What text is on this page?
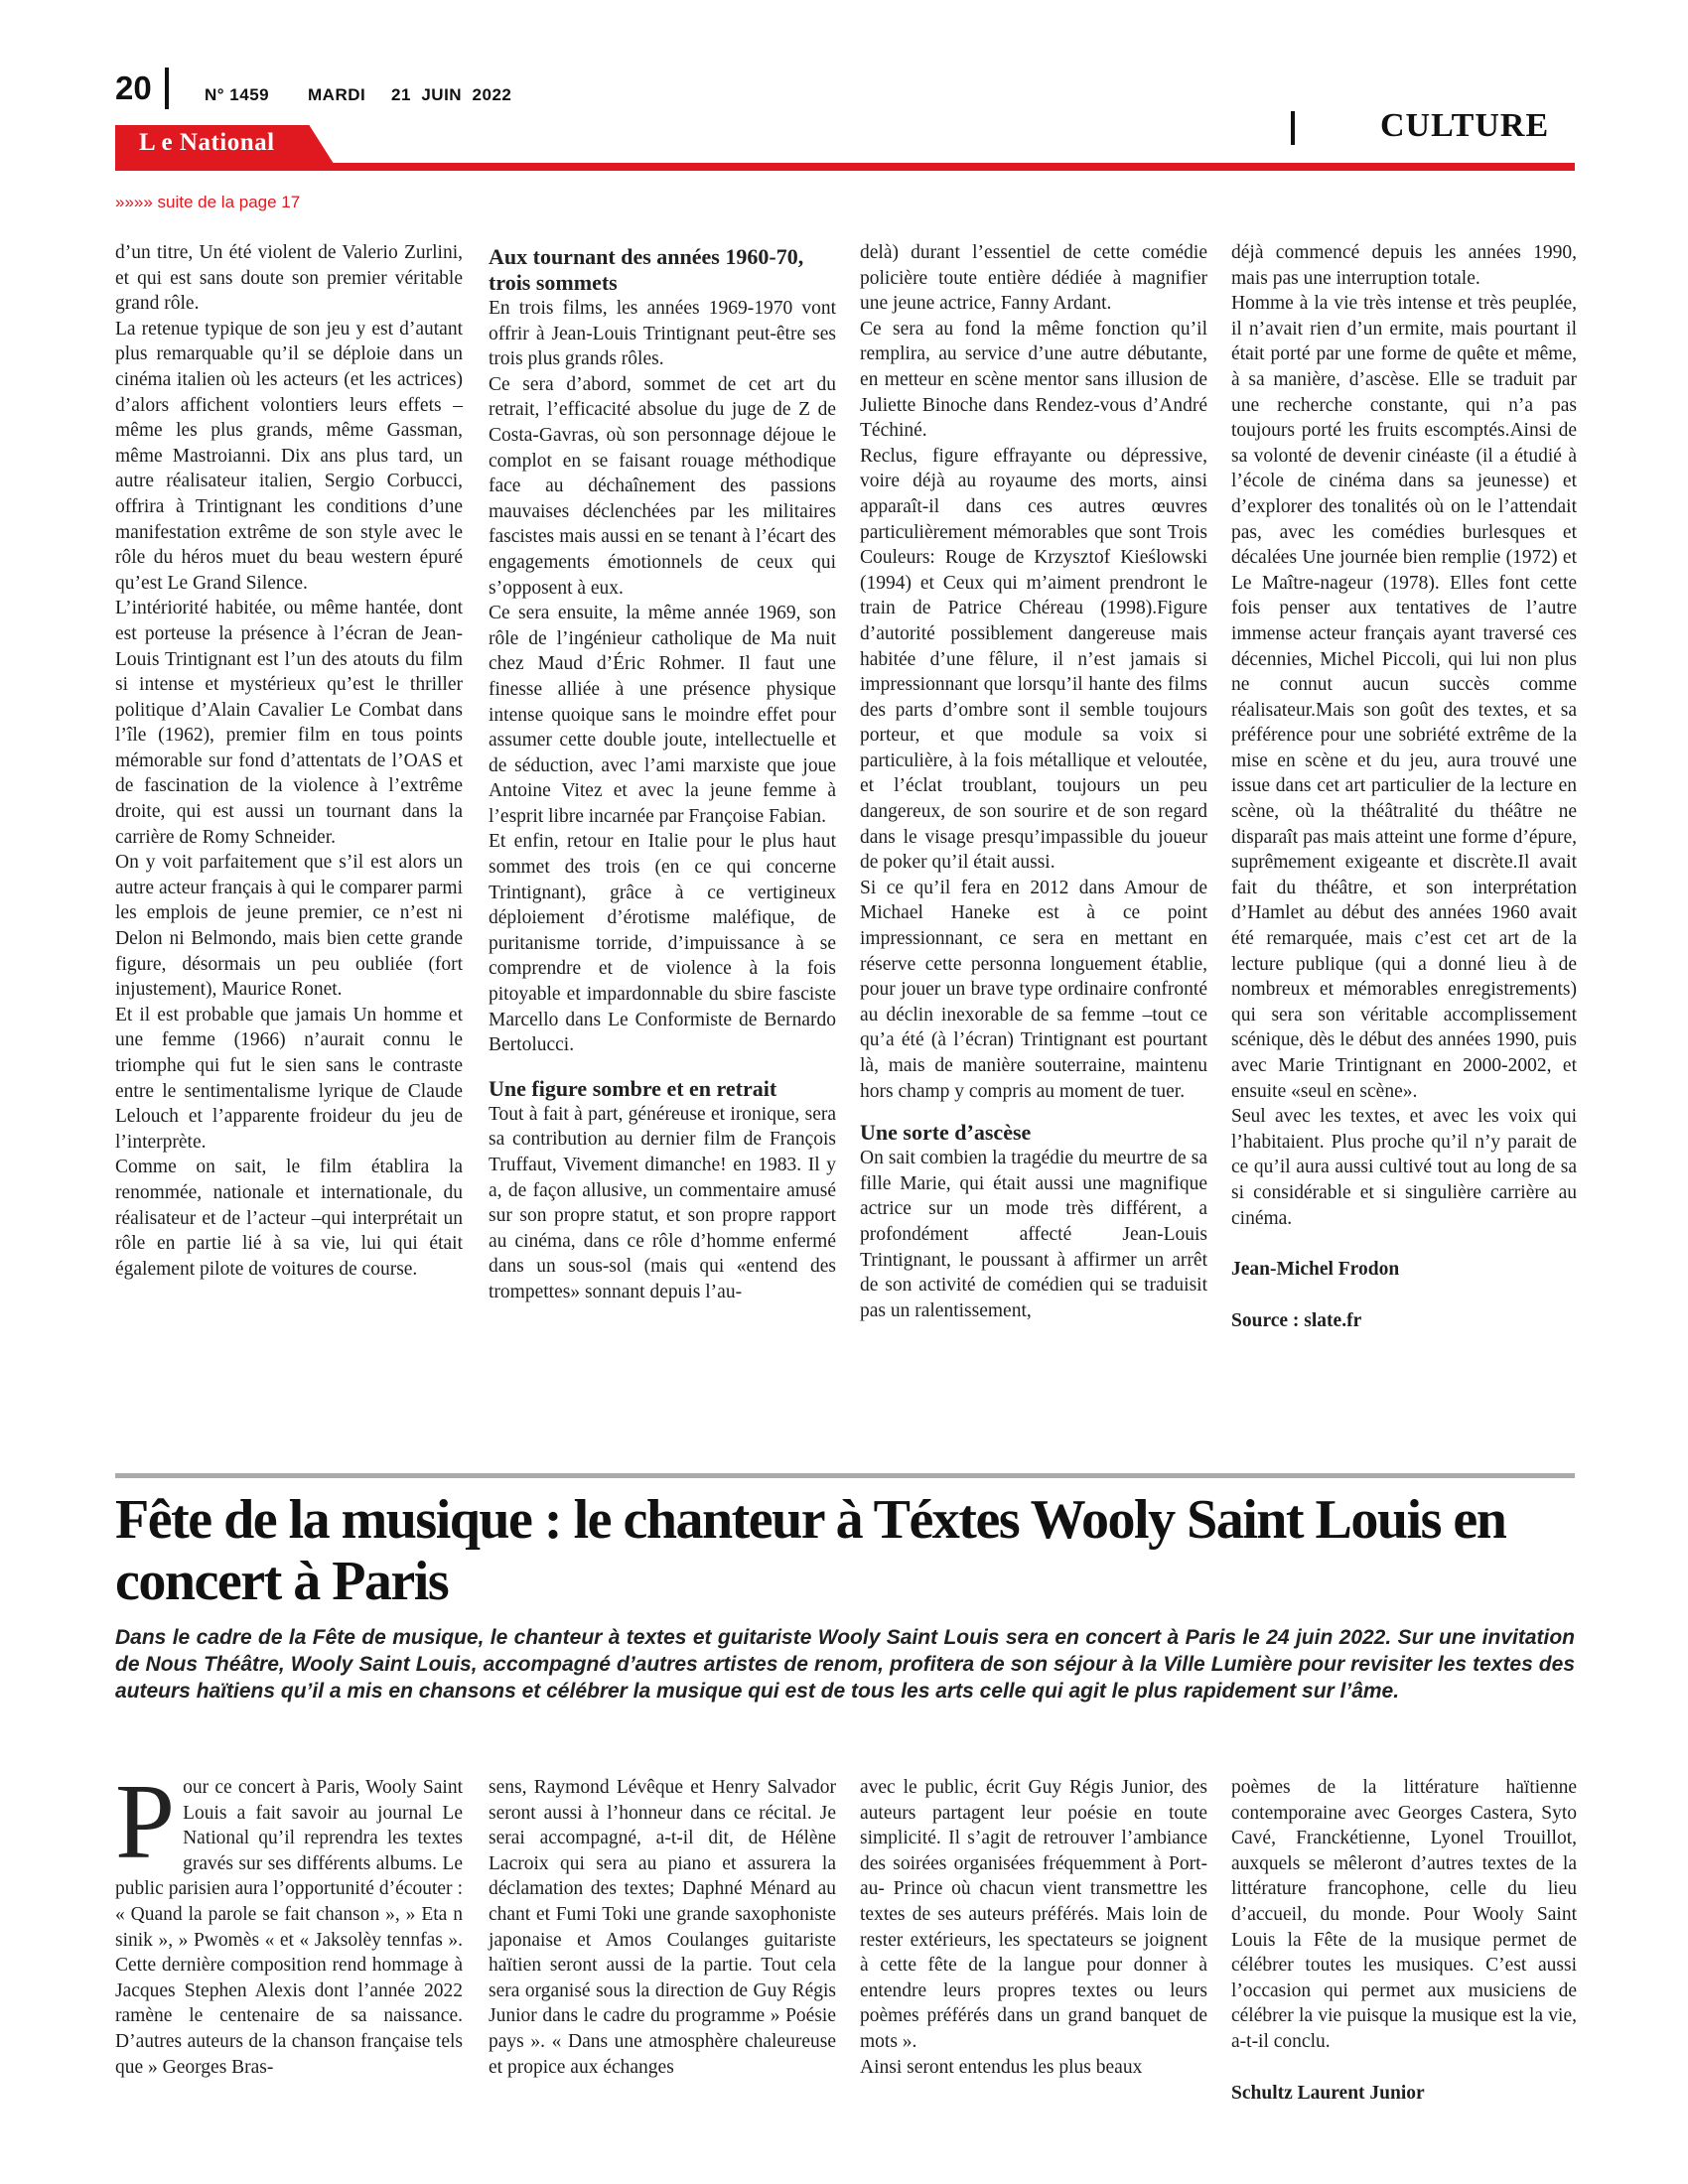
20	N° 1459 MARDI 21  JUIN  2022
L e National	CULTURE
»»»» suite de la page 17

d’un titre, Un été violent de Valerio Zurlini, et qui est sans doute son premier véritable grand rôle.

La retenue typique de son jeu y est d’autant plus remarquable qu’il se déploie dans un cinéma italien où les acteurs (et les actrices) d’alors affichent volontiers leurs effets –même les plus grands, même Gassman, même Mastroianni. Dix ans plus tard, un autre réalisateur italien, Sergio Corbucci, offrira à Trintignant les conditions d’une manifestation extrême de son style avec le rôle du héros muet du beau western épuré qu’est Le Grand Silence.

L’intériorité habitée, ou même hantée, dont est porteuse la présence à l’écran de Jean-Louis Trintignant est l’un des atouts du film si intense et mystérieux qu’est le thriller politique d’Alain Cavalier Le Combat dans l’île (1962), premier film en tous points mémorable sur fond d’attentats de l’OAS et de fascination de la violence à l’extrême droite, qui est aussi un tournant dans la carrière de Romy Schneider.

On y voit parfaitement que s’il est alors un autre acteur français à qui le comparer parmi les emplois de jeune premier, ce n’est ni Delon ni Belmondo, mais bien cette grande figure, désormais un peu oubliée (fort injustement), Maurice Ronet.

Et il est probable que jamais Un homme et une femme (1966) n’aurait connu le triomphe qui fut le sien sans le contraste entre le sentimentalisme lyrique de Claude Lelouch et l’apparente froideur du jeu de l’interprète.

Comme on sait, le film établira la renommée, nationale et internationale, du réalisateur et de l’acteur –qui interprétait un rôle en partie lié à sa vie, lui qui était également pilote de voitures de course.

Aux tournant des années 1960-70, trois sommets

En trois films, les années 1969-1970 vont offrir à Jean-Louis Trintignant peut-être ses trois plus grands rôles.

Ce sera d’abord, sommet de cet art du retrait, l’efficacité absolue du juge de Z de Costa-Gavras, où son personnage déjoue le complot en se faisant rouage méthodique face au déchaînement des passions mauvaises déclenchées par les militaires fascistes mais aussi en se tenant à l’écart des engagements émotionnels de ceux qui s’opposent à eux.

Ce sera ensuite, la même année 1969, son rôle de l’ingénieur catholique de Ma nuit chez Maud d’Éric Rohmer. Il faut une finesse alliée à une présence physique intense quoique sans le moindre effet pour assumer cette double joute, intellectuelle et de séduction, avec l’ami marxiste que joue Antoine Vitez et avec la jeune femme à l’esprit libre incarnée par Françoise Fabian.

Et enfin, retour en Italie pour le plus haut sommet des trois (en ce qui concerne Trintignant), grâce à ce vertigineux déploiement d’érotisme maléfique, de puritanisme torride, d’impuissance à se comprendre et de violence à la fois pitoyable et impardonnable du sbire fasciste Marcello dans Le Conformiste de Bernardo Bertolucci.

Une figure sombre et en retrait

Tout à fait à part, généreuse et ironique, sera sa contribution au dernier film de François Truffaut, Vivement dimanche! en 1983. Il y a, de façon allusive, un commentaire amusé sur son propre statut, et son propre rapport au cinéma, dans ce rôle d’homme enfermé dans un sous-sol (mais qui «entend des trompettes» sonnant depuis l’au-

delà) durant l’essentiel de cette comédie policière toute entière dédiée à magnifier une jeune actrice, Fanny Ardant.

Ce sera au fond la même fonction qu’il remplira, au service d’une autre débutante, en metteur en scène mentor sans illusion de Juliette Binoche dans Rendez-vous d’André Téchiné.

Reclus, figure effrayante ou dépressive, voire déjà au royaume des morts, ainsi apparaît-il dans ces autres œuvres particulièrement mémorables que sont Trois Couleurs: Rouge de Krzysztof Kieślowski (1994) et Ceux qui m’aiment prendront le train de Patrice Chéreau (1998).Figure d’autorité possiblement dangereuse mais habitée d’une fêlure, il n’est jamais si impressionnant que lorsqu’il hante des films des parts d’ombre sont il semble toujours porteur, et que module sa voix si particulière, à la fois métallique et veloutée, et l’éclat troublant, toujours un peu dangereux, de son sourire et de son regard dans le visage presqu’impassible du joueur de poker qu’il était aussi.

Si ce qu’il fera en 2012 dans Amour de Michael Haneke est à ce point impressionnant, ce sera en mettant en réserve cette personna longuement établie, pour jouer un brave type ordinaire confronté au déclin inexorable de sa femme –tout ce qu’a été (à l’écran) Trintignant est pourtant là, mais de manière souterraine, maintenu hors champ y compris au moment de tuer.

Une sorte d’ascèse

On sait combien la tragédie du meurtre de sa fille Marie, qui était aussi une magnifique actrice sur un mode très différent, a profondément affecté Jean-Louis Trintignant, le poussant à affirmer un arrêt de son activité de comédien qui se traduisit pas un ralentissement,

déjà commencé depuis les années 1990, mais pas une interruption totale.

Homme à la vie très intense et très peuplée, il n’avait rien d’un ermite, mais pourtant il était porté par une forme de quête et même, à sa manière, d’ascèse. Elle se traduit par une recherche constante, qui n’a pas toujours porté les fruits escomptés.Ainsi de sa volonté de devenir cinéaste (il a étudié à l’école de cinéma dans sa jeunesse) et d’explorer des tonalités où on le l’attendait pas, avec les comédies burlesques et décalées Une journée bien remplie (1972) et Le Maître-nageur (1978). Elles font cette fois penser aux tentatives de l’autre immense acteur français ayant traversé ces décennies, Michel Piccoli, qui lui non plus ne connut aucun succès comme réalisateur.Mais son goût des textes, et sa préférence pour une sobriété extrême de la mise en scène et du jeu, aura trouvé une issue dans cet art particulier de la lecture en scène, où la théâtralité du théâtre ne disparaît pas mais atteint une forme d’épure, suprêmement exigeante et discrète.Il avait fait du théâtre, et son interprétation d’Hamlet au début des années 1960 avait été remarquée, mais c’est cet art de la lecture publique (qui a donné lieu à de nombreux et mémorables enregistrements) qui sera son véritable accomplissement scénique, dès le début des années 1990, puis avec Marie Trintignant en 2000-2002, et ensuite «seul en scène».

Seul avec les textes, et avec les voix qui l’habitaient. Plus proche qu’il n’y parait de ce qu’il aura aussi cultivé tout au long de sa si considérable et si singulière carrière au cinéma.

Jean-Michel Frodon

Source : slate.fr

Fête de la musique : le chanteur à Téxtes Wooly Saint Louis en concert à Paris
Dans le cadre de la Fête de musique, le chanteur à textes et guitariste Wooly Saint Louis sera en concert à Paris le 24 juin 2022. Sur une invitation de Nous Théâtre, Wooly Saint Louis, accompagné d’autres artistes de renom, profitera de son séjour à la Ville Lumière pour revisiter les textes des auteurs haïtiens qu’il a mis en chansons et célébrer la musique qui est de tous les arts celle qui agit le plus rapidement sur l’âme.

Pour ce concert à Paris, Wooly Saint Louis a fait savoir au journal Le National qu’il reprendra les textes gravés sur ses différents albums. Le public parisien aura l’opportunité d’écouter : « Quand la parole se fait chanson », » Eta n sinik », » Pwomès « et « Jaksolèy tennfas ». Cette dernière composition rend hommage à Jacques Stephen Alexis dont l’année 2022 ramène le centenaire de sa naissance. D’autres auteurs de la chanson française tels que » Georges Bras-

sens, Raymond Lévêque et Henry Salvador seront aussi à l’honneur dans ce récital. Je serai accompagné, a-t-il dit, de Hélène Lacroix qui sera au piano et assurera la déclamation des textes; Daphné Ménard au chant et Fumi Toki une grande saxophoniste japonaise et Amos Coulanges guitariste haïtien seront aussi de la partie. Tout cela sera organisé sous la direction de Guy Régis Junior dans le cadre du programme » Poésie pays ». « Dans une atmosphère chaleureuse et propice aux échanges

avec le public, écrit Guy Régis Junior, des auteurs partagent leur poésie en toute simplicité. Il s’agit de retrouver l’ambiance des soirées organisées fréquemment à Port- au- Prince où chacun vient transmettre les textes de ses auteurs préférés. Mais loin de rester extérieurs, les spectateurs se joignent à cette fête de la langue pour donner à entendre leurs propres textes ou leurs poèmes préférés dans un grand banquet de mots ».

Ainsi seront entendus les plus beaux

poèmes de la littérature haïtienne contemporaine avec Georges Castera, Syto Cavé, Franckétienne, Lyonel Trouillot, auxquels se mêleront d’autres textes de la littérature francophone, celle du lieu d’accueil, du monde. Pour Wooly Saint Louis la Fête de la musique permet de célébrer toutes les musiques. C’est aussi l’occasion qui permet aux musiciens de célébrer la vie puisque la musique est la vie, a-t-il conclu.

Schultz Laurent Junior
